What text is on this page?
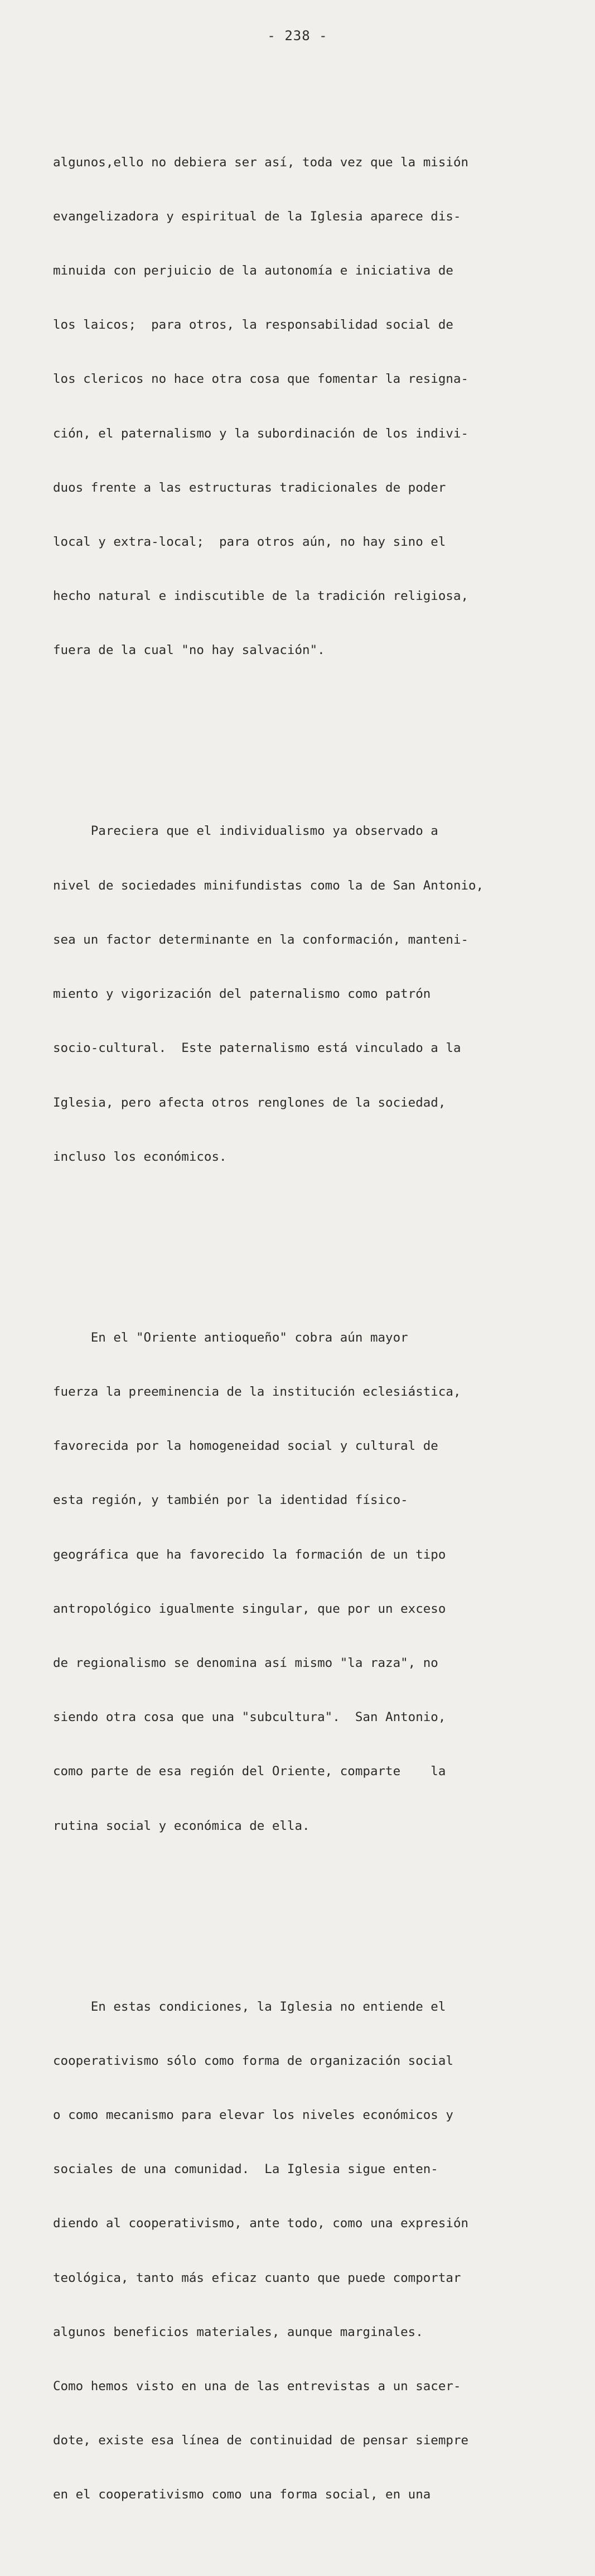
- 238 -

algunos,ello no debiera ser así, toda vez que la misión

evangelizadora y espiritual de la Iglesia aparece dis-

minuida con perjuicio de la autonomía e iniciativa de

los laicos;  para otros, la responsabilidad social de

los clericos no hace otra cosa que fomentar la resigna-

ción, el paternalismo y la subordinación de los indivi-

duos frente a las estructuras tradicionales de poder

local y extra-local;  para otros aún, no hay sino el

hecho natural e indiscutible de la tradición religiosa,

fuera de la cual "no hay salvación".

Pareciera que el individualismo ya observado a

nivel de sociedades minifundistas como la de San Antonio,

sea un factor determinante en la conformación, manteni-

miento y vigorización del paternalismo como patrón

socio-cultural.  Este paternalismo está vinculado a la

Iglesia, pero afecta otros renglones de la sociedad,

incluso los económicos.

En el "Oriente antioqueño" cobra aún mayor

fuerza la preeminencia de la institución eclesiástica,

favorecida por la homogeneidad social y cultural de

esta región, y también por la identidad físico-

geográfica que ha favorecido la formación de un tipo

antropológico igualmente singular, que por un exceso

de regionalismo se denomina así mismo "la raza", no

siendo otra cosa que una "subcultura".  San Antonio,

como parte de esa región del Oriente, comparte    la

rutina social y económica de ella.

En estas condiciones, la Iglesia no entiende el

cooperativismo sólo como forma de organización social

o como mecanismo para elevar los niveles económicos y

sociales de una comunidad.  La Iglesia sigue enten-

diendo al cooperativismo, ante todo, como una expresión

teológica, tanto más eficaz cuanto que puede comportar

algunos beneficios materiales, aunque marginales.

Como hemos visto en una de las entrevistas a un sacer-

dote, existe esa línea de continuidad de pensar siempre

en el cooperativismo como una forma social, en una
